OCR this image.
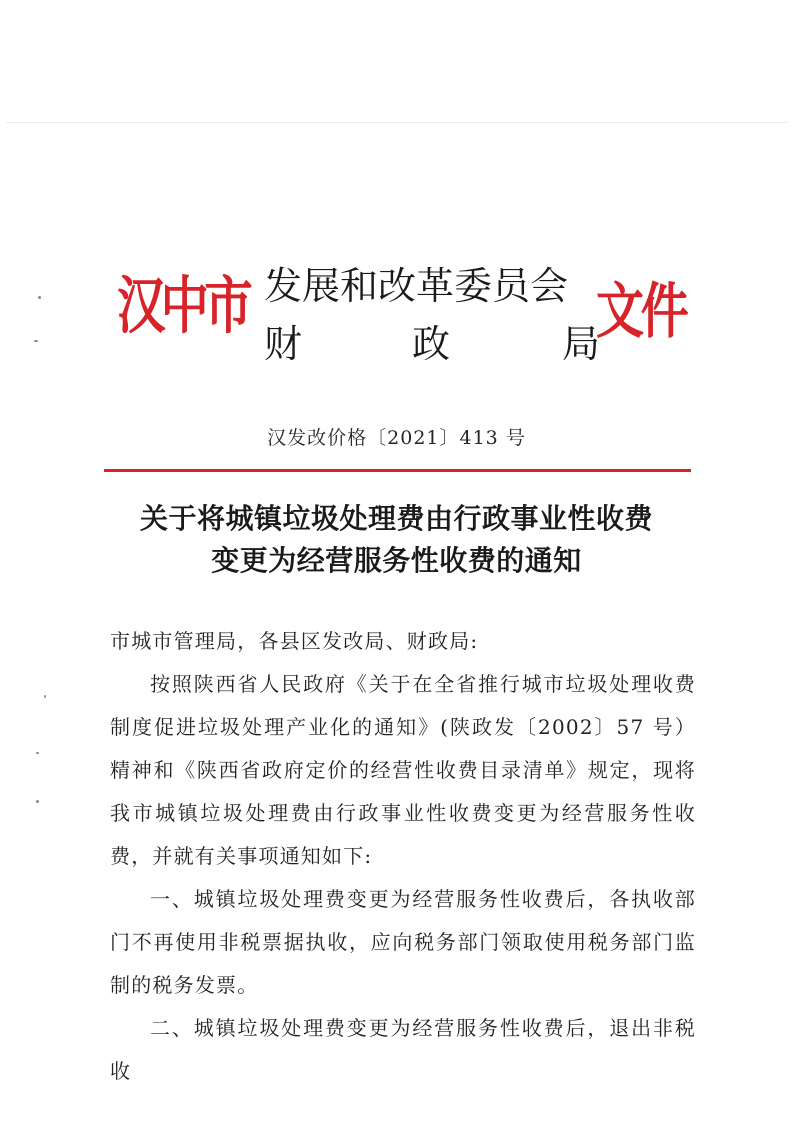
汉中市 发展和改革委员会
财	政	局
文件
汉发改价格〔2021〕413 号
关于将城镇垃圾处理费由行政事业性收费
变更为经营服务性收费的通知

市城市管理局，各县区发改局、财政局:

按照陕西省人民政府《关于在全省推行城市垃圾处理收费制度促进垃圾处理产业化的通知》(陕政发〔2002〕57 号）精神和《陕西省政府定价的经营性收费目录清单》规定，现将我市城镇垃圾处理费由行政事业性收费变更为经营服务性收费，并就有关事项通知如下:

一、城镇垃圾处理费变更为经营服务性收费后，各执收部门不再使用非税票据执收，应向税务部门领取使用税务部门监制的税务发票。

二、城镇垃圾处理费变更为经营服务性收费后，退出非税收
